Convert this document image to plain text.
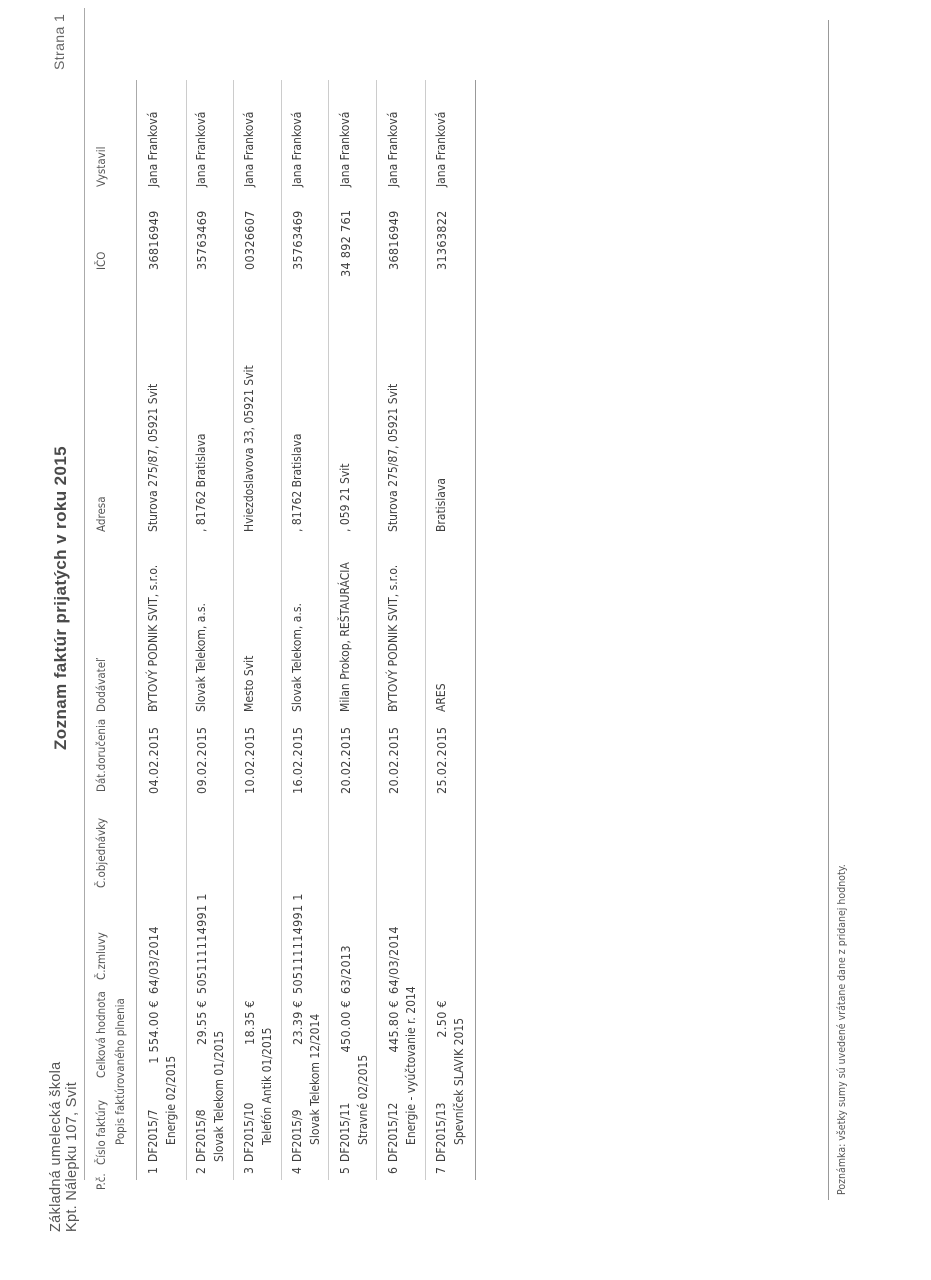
Základná umelecká škola Kpt. Nálepku 107, Svit
Zoznam faktúr prijatých v roku 2015
Strana 1
P.č.
Číslo faktúry
Celková hodnota
Č.zmluvy
Č.objednávky
Dát.doručenia
Dodávateľ
Adresa
IČO
Vystavil
Popis faktúrovaného plnenia
1
DF2015/7
1 554.00 €
64/03/2014
04.02.2015
BYTOVÝ PODNIK SVIT, s.r.o.
Sturova 275/87, 05921 Svit
36816949
Jana Franková
Energie 02/2015
2
DF2015/8
29.55 €
505111114991 1
09.02.2015
Slovak Telekom, a.s.
, 81762 Bratislava
35763469
Jana Franková
Slovak Telekom 01/2015
3
DF2015/10
18.35 €
10.02.2015
Mesto Svit
Hviezdoslavova 33, 05921 Svit
00326607
Jana Franková
Telefón Antik 01/2015
4
DF2015/9
23.39 €
505111114991 1
16.02.2015
Slovak Telekom, a.s.
, 81762 Bratislava
35763469
Jana Franková
Slovak Telekom 12/2014
5
DF2015/11
450.00 €
63/2013
20.02.2015
Milan Prokop, REŠTAURÁCIA
, 059 21 Svit
34 892 761
Jana Franková
Stravné 02/2015
6
DF2015/12
445.80 €
64/03/2014
20.02.2015
BYTOVÝ PODNIK SVIT, s.r.o.
Sturova 275/87, 05921 Svit
36816949
Jana Franková
Energie - vyúčtovanie r. 2014
7
DF2015/13
2.50 €
25.02.2015
ARES
Bratislava
31363822
Jana Franková
Spevníček SLAVIK 2015	Poznámka: všetky sumy sú uvedené vrátane dane z pridanej hodnoty.
